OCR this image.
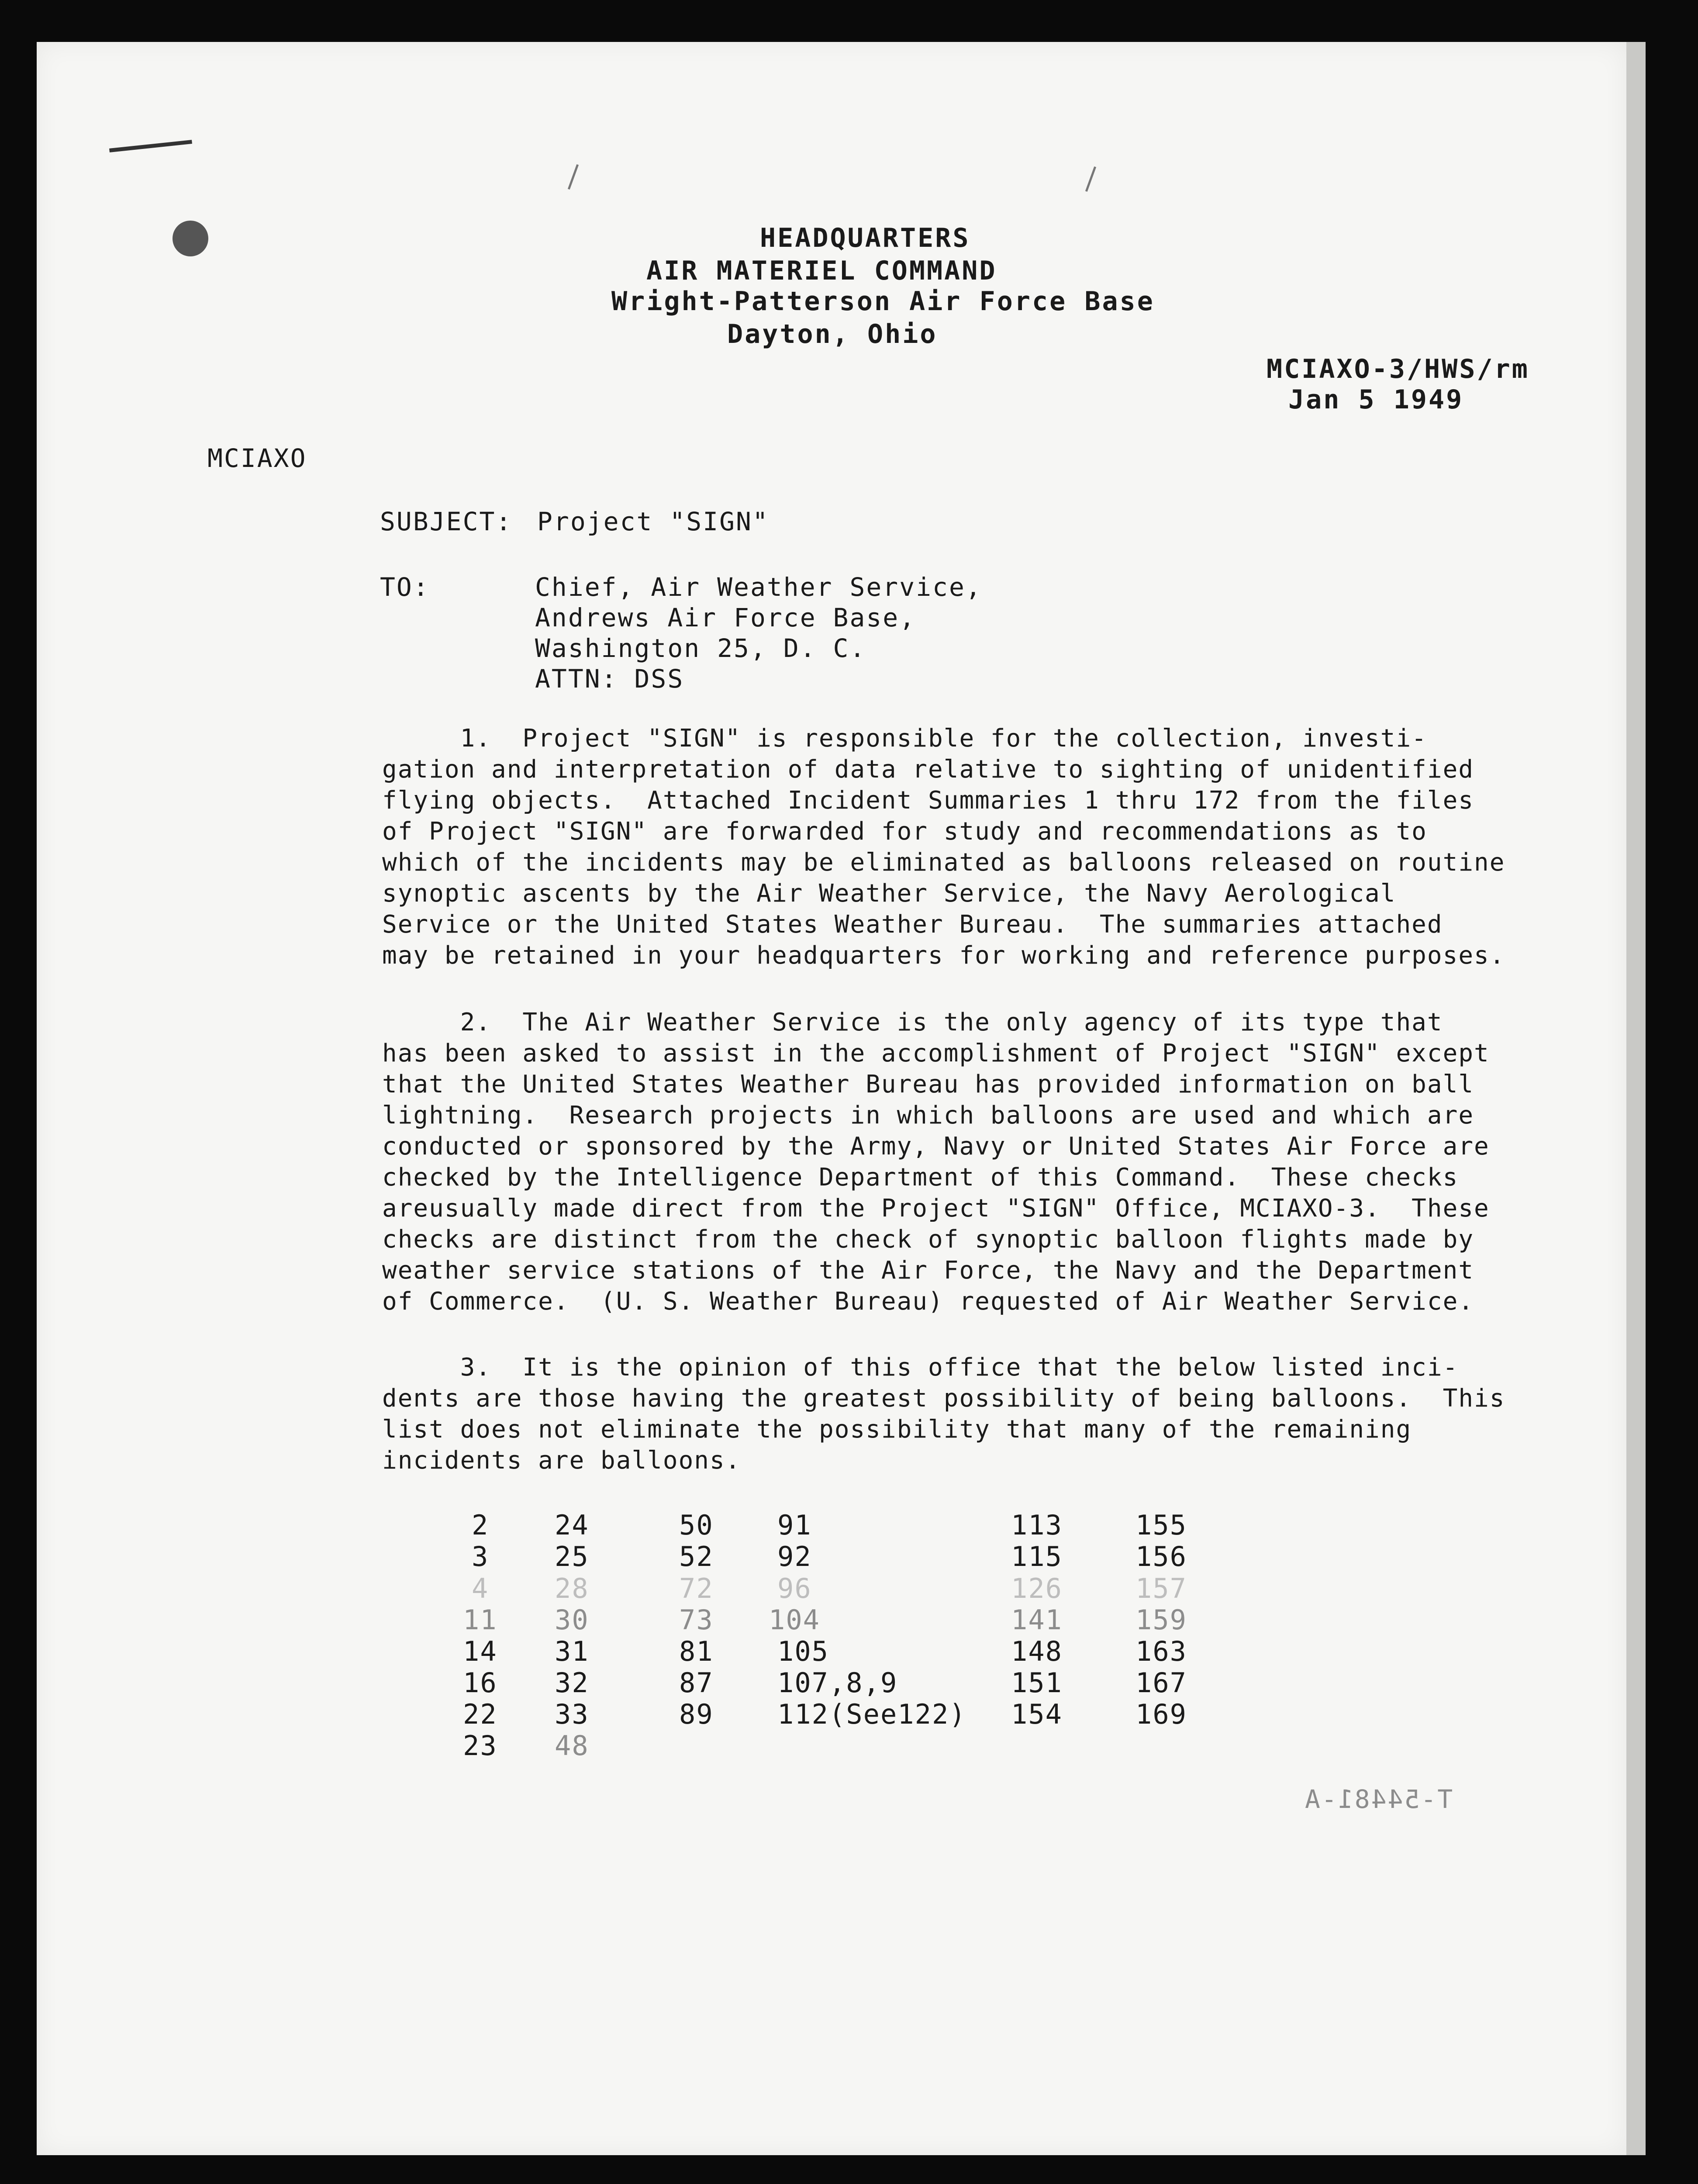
HEADQUARTERS
AIR MATERIEL COMMAND
Wright-Patterson Air Force Base
Dayton, Ohio
MCIAXO-3/HWS/rm
Jan 5 1949
MCIAXO
SUBJECT: Project "SIGN"
TO:	Chief, Air Weather Service,
Andrews Air Force Base,
Washington 25, D. C.
ATTN: DSS
1.  Project "SIGN" is responsible for the collection, investi-
gation and interpretation of data relative to sighting of unidentified
flying objects.  Attached Incident Summaries 1 thru 172 from the files
of Project "SIGN" are forwarded for study and recommendations as to
which of the incidents may be eliminated as balloons released on routine
synoptic ascents by the Air Weather Service, the Navy Aerological
Service or the United States Weather Bureau.  The summaries attached
may be retained in your headquarters for working and reference purposes.
2.  The Air Weather Service is the only agency of its type that
has been asked to assist in the accomplishment of Project "SIGN" except
that the United States Weather Bureau has provided information on ball
lightning.  Research projects in which balloons are used and which are
conducted or sponsored by the Army, Navy or United States Air Force are
checked by the Intelligence Department of this Command.  These checks
areusually made direct from the Project "SIGN" Office, MCIAXO-3.  These
checks are distinct from the check of synoptic balloon flights made by
weather service stations of the Air Force, the Navy and the Department
of Commerce.  (U. S. Weather Bureau) requested of Air Weather Service.
3.  It is the opinion of this office that the below listed inci-
dents are those having the greatest possibility of being balloons.  This
list does not eliminate the possibility that many of the remaining
incidents are balloons.

2

3

4

11

14

16

22

23

24

25

28

30

31

32

33

48

50

52

72

73

81

87

89

91

92

96

104

105

107,8,9

112(See122)

113

115

126

141

148

151

154

155

156

157

159

163

167

169

T-54481-A
